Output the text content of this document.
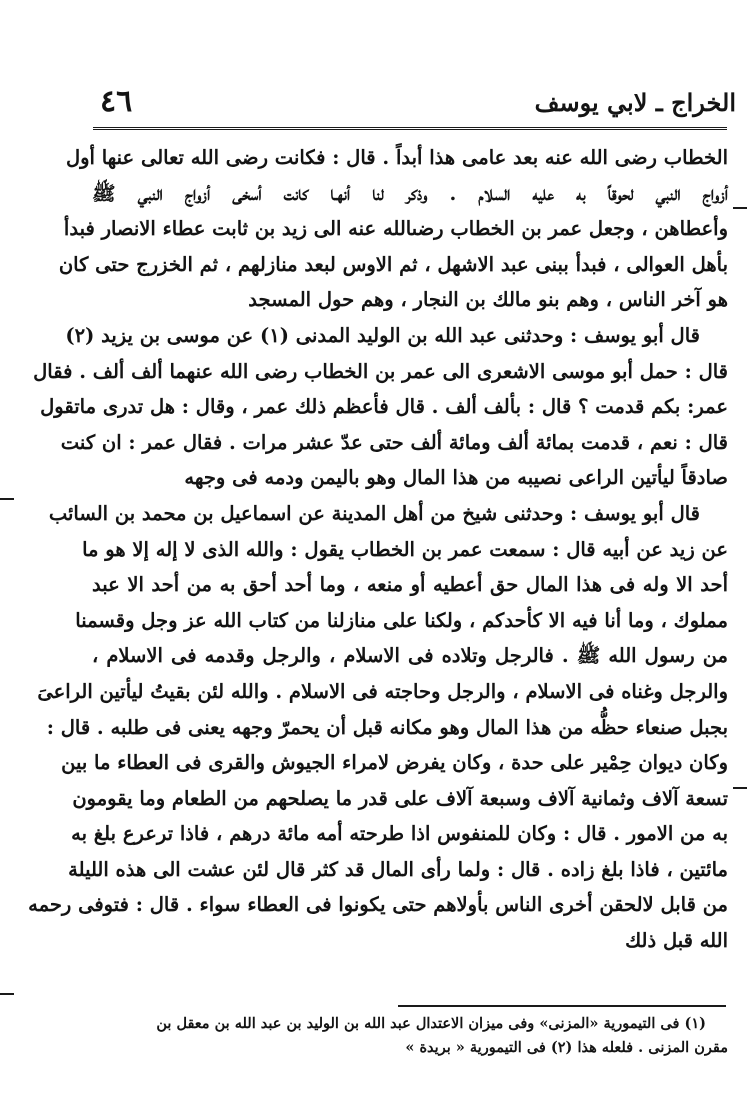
الخراج ـ لابي يوسف
٤٦
الخطاب رضى الله عنه بعد عامى هذا أبداً . قال : فكانت رضى الله تعالى عنها أول
أزواج النبي لحوقاً به عليه السلام . وذكر لنا أنهـا كانت أسخى أزواج النبي ﷺ
وأعطاهن ، وجعل عمر بن الخطاب رضىالله عنه الى زيد بن ثابت عطاء الانصار فبدأ
بأهل العوالى ، فبدأ ببنى عبد الاشهل ، ثم الاوس لبعد منازلهم ، ثم الخزرج حتى كان
هو آخر الناس ، وهم بنو مالك بن النجار ، وهم حول المسجد
قال أبو يوسف : وحدثنى عبد الله بن الوليد المدنى (١) عن موسى بن يزيد (٢)
قال : حمل أبو موسى الاشعرى الى عمر بن الخطاب رضى الله عنهما ألف ألف . فقال
عمر: بكم قدمت ؟ قال : بألف ألف . قال فأعظم ذلك عمر ، وقال : هل تدرى ماتقول
قال : نعم ، قدمت بمائة ألف ومائة ألف حتى عدّ عشر مرات . فقال عمر : ان كنت
صادقاً ليأتين الراعى نصيبه من هذا المال وهو باليمن ودمه فى وجهه
قال أبو يوسف : وحدثنى شيخ من أهل المدينة عن اسماعيل بن محمد بن السائب
عن زيد عن أبيه قال : سمعت عمر بن الخطاب يقول : والله الذى لا إله إلا هو ما
أحد الا وله فى هذا المال حق أعطيه أو منعه ، وما أحد أحق به من أحد الا عبد
مملوك ، وما أنا فيه الا كأحدكم ، ولكنا على منازلنا من كتاب الله عز وجل وقسمنا
من رسول الله ﷺ . فالرجل وتلاده فى الاسلام ، والرجل وقدمه فى الاسلام ،
والرجل وغناه فى الاسلام ، والرجل وحاجته فى الاسلام . والله لئن بقيتُ ليأتين الراعىَ
بجبل صنعاء حظُّه من هذا المال وهو مكانه قبل أن يحمرّ وجهه يعنى فى طلبه . قال :
وكان ديوان حِمْير على حدة ، وكان يفرض لامراء الجيوش والقرى فى العطاء ما بين
تسعة آلاف وثمانية آلاف وسبعة آلاف على قدر ما يصلحهم من الطعام وما يقومون
به من الامور . قال : وكان للمنفوس اذا طرحته أمه مائة درهم ، فاذا ترعرع بلغ به
مائتين ، فاذا بلغ زاده . قال : ولما رأى المال قد كثر قال لئن عشت الى هذه الليلة
من قابل لالحقن أخرى الناس بأولاهم حتى يكونوا فى العطاء سواء . قال : فتوفى رحمه
الله قبل ذلك
(١) فى التيمورية «المزنى» وفى ميزان الاعتدال عبد الله بن الوليد بن عبد الله بن معقل بن
مقرن المزنى . فلعله هذا (٢) فى التيمورية « بريدة »
